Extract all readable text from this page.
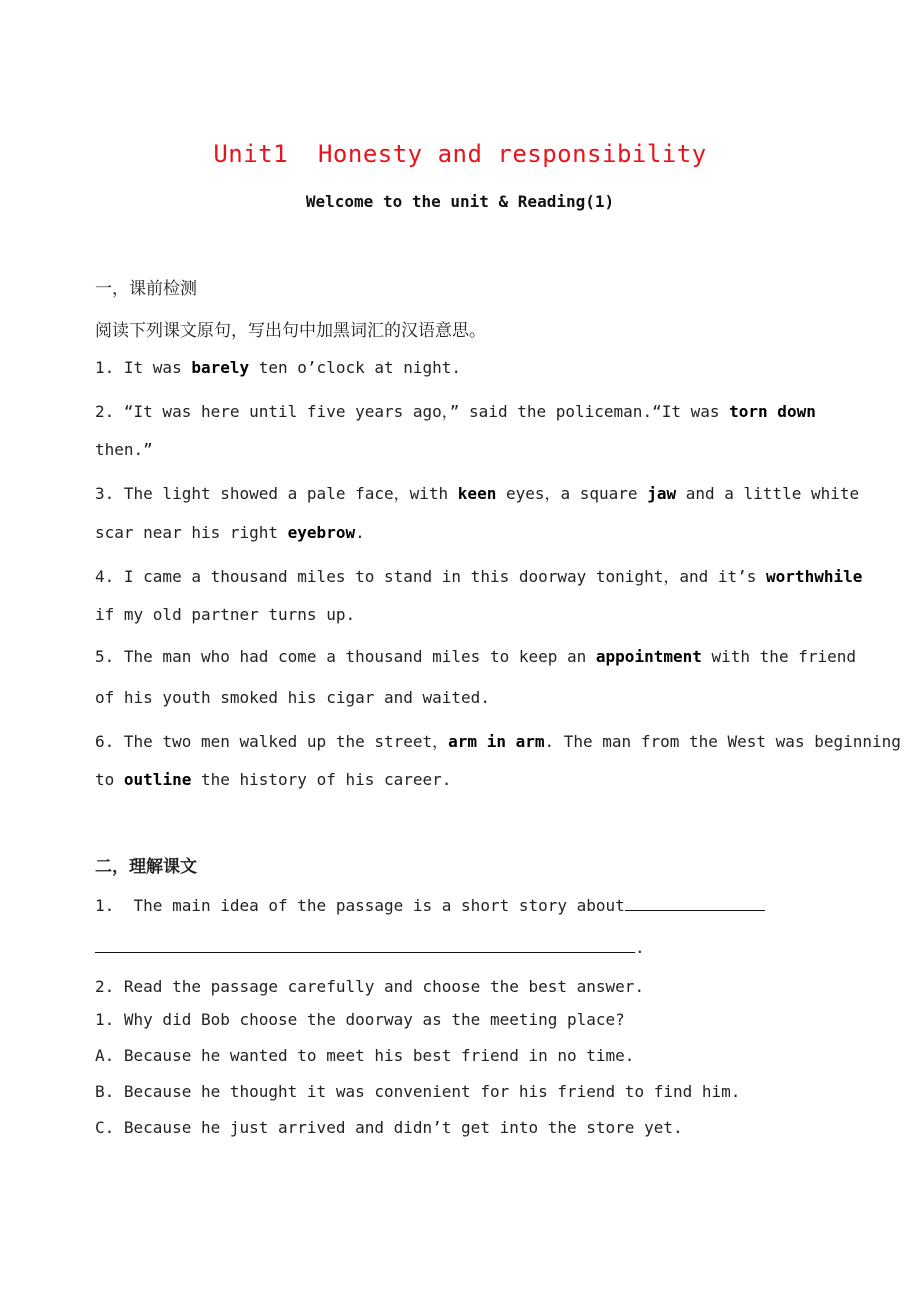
Unit1  Honesty and responsibility
Welcome to the unit & Reading(1)
一，课前检测
阅读下列课文原句，写出句中加黑词汇的汉语意思。
1. It was barely ten o’clock at night.
2. “It was here until five years ago，” said the policeman.“It was torn down
then.”
3. The light showed a pale face，with keen eyes，a square jaw and a little white
scar near his right eyebrow.
4. I came a thousand miles to stand in this doorway tonight，and it’s worthwhile
if my old partner turns up.
5. The man who had come a thousand miles to keep an appointment with the friend
of his youth smoked his cigar and waited.
6. The two men walked up the street，arm in arm. The man from the West was beginning
to outline the history of his career.
二，理解课文
1.  The main idea of the passage is a short story about
.
2. Read the passage carefully and choose the best answer.
1. Why did Bob choose the doorway as the meeting place?
A. Because he wanted to meet his best friend in no time.
B. Because he thought it was convenient for his friend to find him.
C. Because he just arrived and didn’t get into the store yet.
